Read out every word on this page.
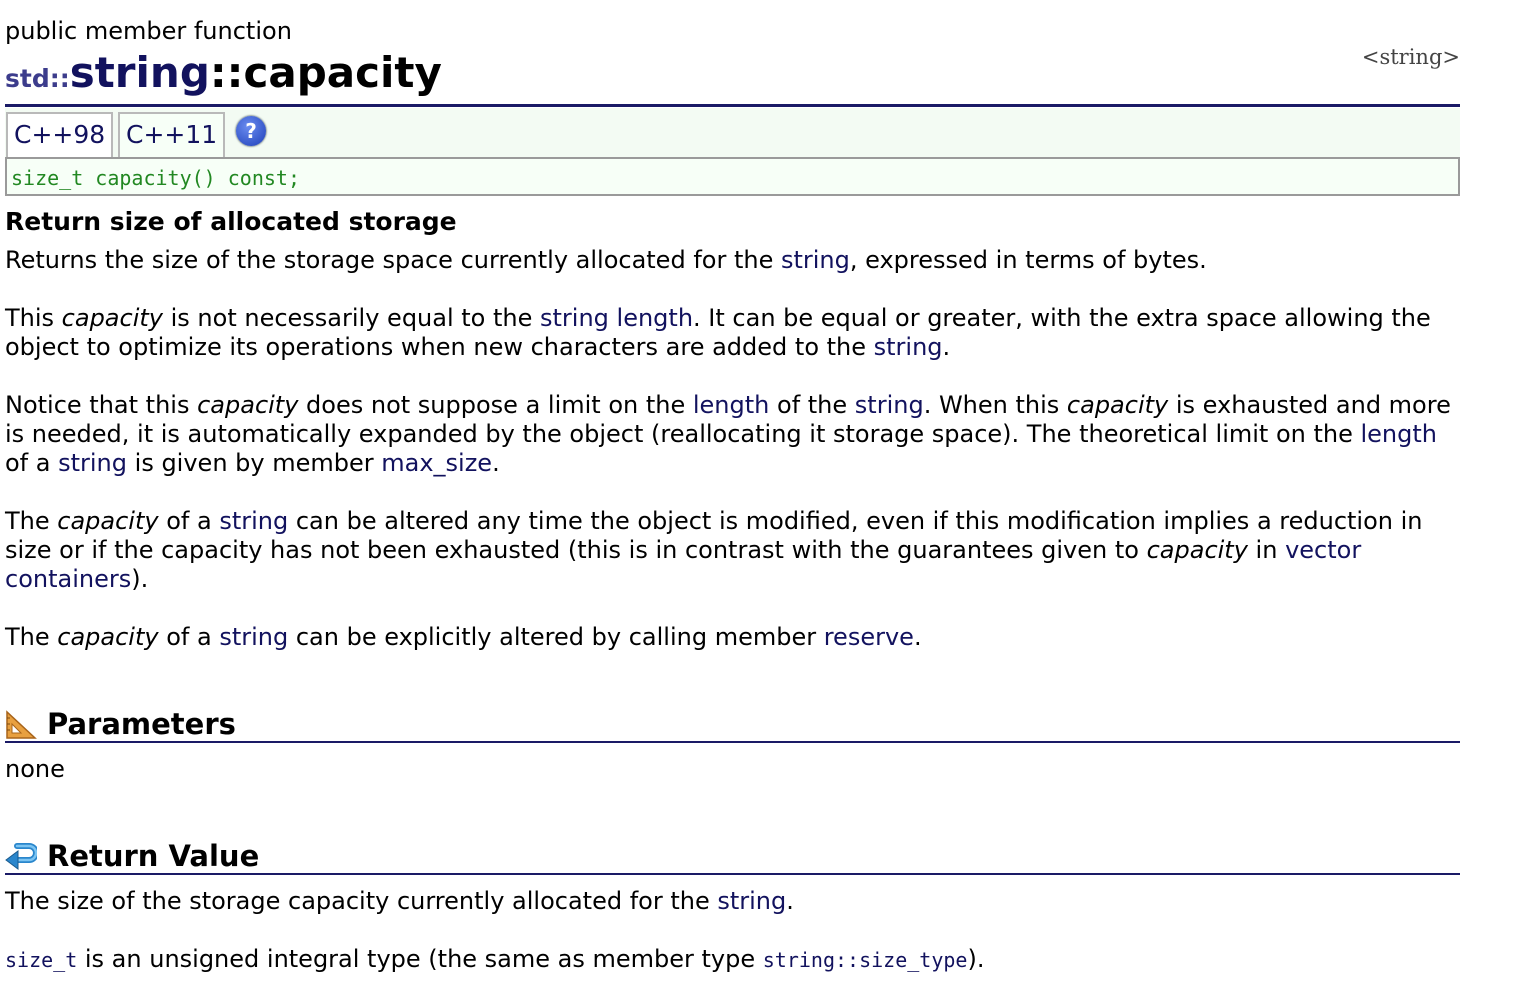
public member function
std::string::capacity	<string>
C++98 C++11	?
size_t capacity() const;
Return size of allocated storage
Returns the size of the storage space currently allocated for the string, expressed in terms of bytes.
This capacity is not necessarily equal to the string length. It can be equal or greater, with the extra space allowing the object to optimize its operations when new characters are added to the string.
Notice that this capacity does not suppose a limit on the length of the string. When this capacity is exhausted and more is needed, it is automatically expanded by the object (reallocating it storage space). The theoretical limit on the length of a string is given by member max_size.
The capacity of a string can be altered any time the object is modified, even if this modification implies a reduction in size or if the capacity has not been exhausted (this is in contrast with the guarantees given to capacity in vector containers).
The capacity of a string can be explicitly altered by calling member reserve.
Parameters
none
Return Value
The size of the storage capacity currently allocated for the string.
size_t is an unsigned integral type (the same as member type string::size_type).
